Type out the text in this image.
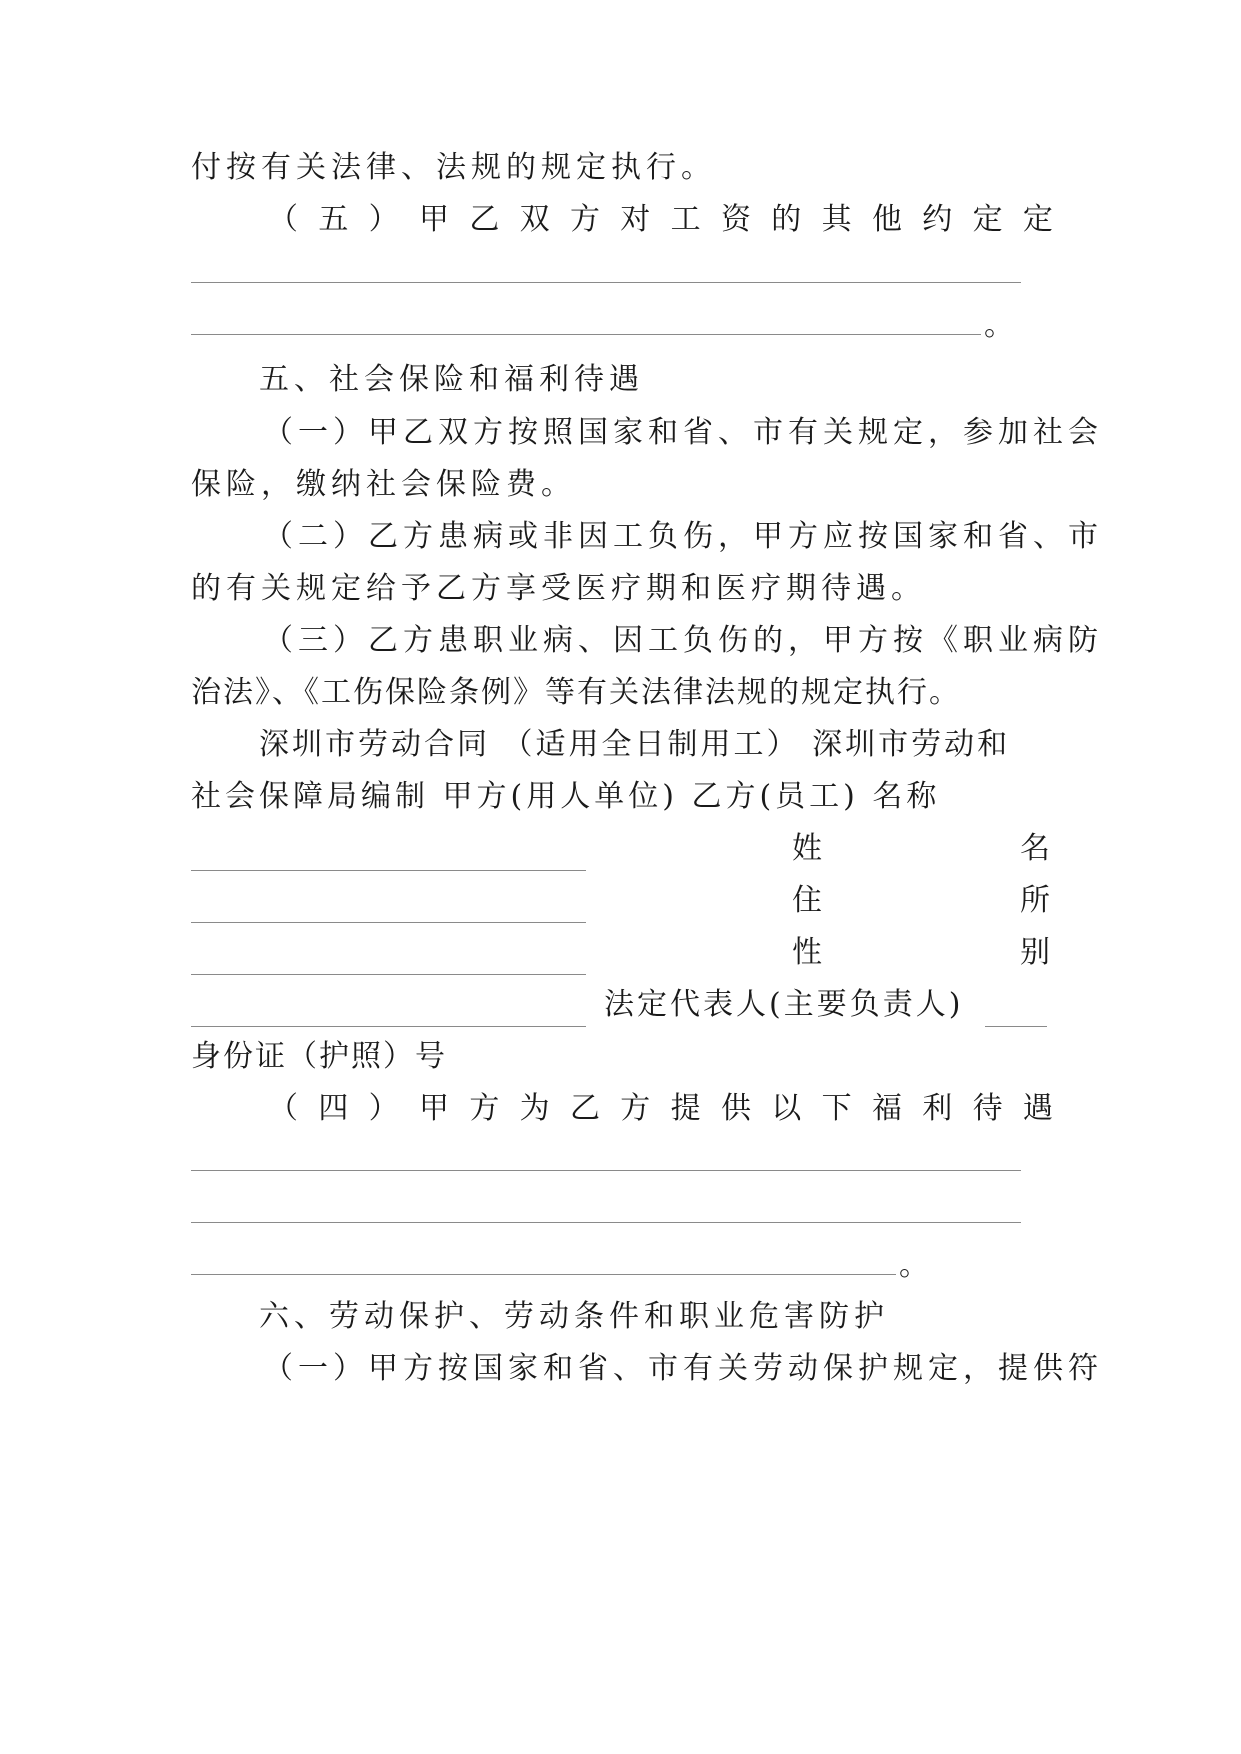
付按有关法律、法规的规定执行。
（ 五 ） 甲 乙 双 方 对 工 资 的 其 他 约 定 定
。
五、社会保险和福利待遇
（一）甲乙双方按照国家和省、市有关规定，参加社会
保险，缴纳社会保险费。
（二）乙方患病或非因工负伤，甲方应按国家和省、市
的有关规定给予乙方享受医疗期和医疗期待遇。
（三）乙方患职业病、因工负伤的，甲方按《职业病防
治法》、《工伤保险条例》等有关法律法规的规定执行。
深圳市劳动合同 （适用全日制用工） 深圳市劳动和
社会保障局编制 甲方(用人单位) 乙方(员工) 名称
姓	名
住	所
性	别
法定代表人(主要负责人)
身份证（护照）号
（ 四 ） 甲 方 为 乙 方 提 供 以 下 福 利 待 遇
。
六、劳动保护、劳动条件和职业危害防护
（一）甲方按国家和省、市有关劳动保护规定，提供符
